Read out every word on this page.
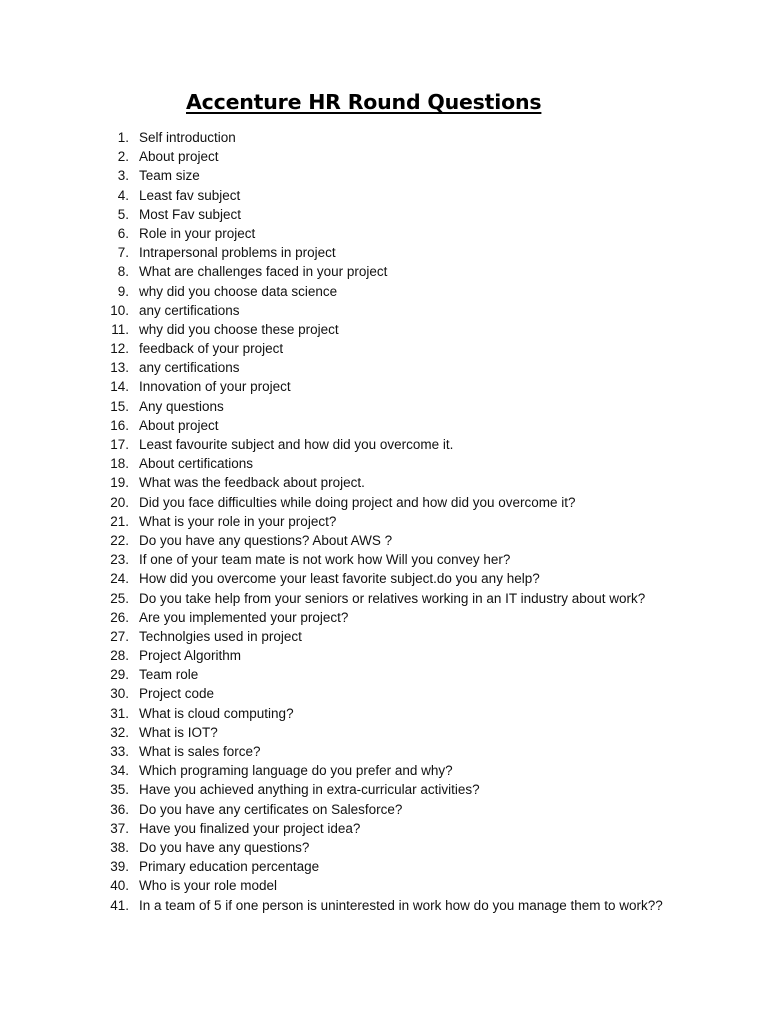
Accenture HR Round Questions
1. Self introduction
2. About project
3. Team size
4. Least fav subject
5. Most Fav subject
6. Role in your project
7. Intrapersonal problems in project
8. What are challenges faced in your project
9. why did you choose data science
10. any certifications
11. why did you choose these project
12. feedback of your project
13. any certifications
14. Innovation of your project
15. Any questions
16. About project
17. Least favourite subject and how did you overcome it.
18. About certifications
19. What was the feedback about project.
20. Did you face difficulties while doing project and how did you overcome it?
21. What is your role in your project?
22. Do you have any questions? About AWS ?
23. If one of your team mate is not work how Will you convey her?
24. How did you overcome your least favorite subject.do you any help?
25. Do you take help from your seniors or relatives working in an IT industry about work?
26. Are you implemented your project?
27. Technolgies used in project
28. Project Algorithm
29. Team role
30. Project code
31. What is cloud computing?
32. What is IOT?
33. What is sales force?
34. Which programing language do you prefer and why?
35. Have you achieved anything in extra-curricular activities?
36. Do you have any certificates on Salesforce?
37. Have you finalized your project idea?
38. Do you have any questions?
39. Primary education percentage
40. Who is your role model
41. In a team of 5 if one person is uninterested in work how do you manage them to work??
